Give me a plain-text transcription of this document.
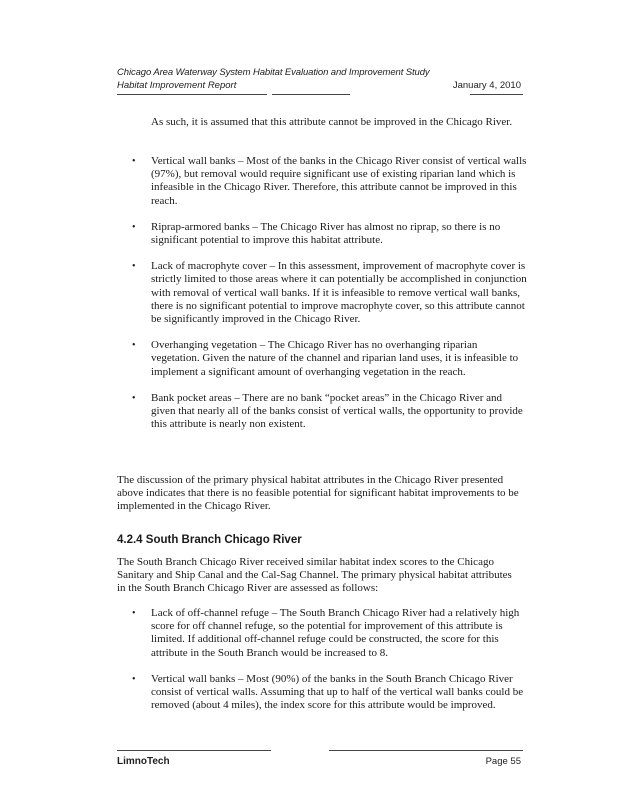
Chicago Area Waterway System Habitat Evaluation and Improvement Study
Habitat Improvement Report	January 4, 2010

As such, it is assumed that this attribute cannot be improved in the Chicago River.

• Vertical wall banks – Most of the banks in the Chicago River consist of vertical walls (97%), but removal would require significant use of existing riparian land which is infeasible in the Chicago River. Therefore, this attribute cannot be improved in this reach.
• Riprap-armored banks – The Chicago River has almost no riprap, so there is no significant potential to improve this habitat attribute.
• Lack of macrophyte cover – In this assessment, improvement of macrophyte cover is strictly limited to those areas where it can potentially be accomplished in conjunction with removal of vertical wall banks. If it is infeasible to remove vertical wall banks, there is no significant potential to improve macrophyte cover, so this attribute cannot be significantly improved in the Chicago River.
• Overhanging vegetation – The Chicago River has no overhanging riparian vegetation. Given the nature of the channel and riparian land uses, it is infeasible to implement a significant amount of overhanging vegetation in the reach.
• Bank pocket areas – There are no bank “pocket areas” in the Chicago River and given that nearly all of the banks consist of vertical walls, the opportunity to provide this attribute is nearly non existent.

The discussion of the primary physical habitat attributes in the Chicago River presented above indicates that there is no feasible potential for significant habitat improvements to be implemented in the Chicago River.

4.2.4 South Branch Chicago River

The South Branch Chicago River received similar habitat index scores to the Chicago Sanitary and Ship Canal and the Cal-Sag Channel. The primary physical habitat attributes in the South Branch Chicago River are assessed as follows:

• Lack of off-channel refuge – The South Branch Chicago River had a relatively high score for off channel refuge, so the potential for improvement of this attribute is limited. If additional off-channel refuge could be constructed, the score for this attribute in the South Branch would be increased to 8.
• Vertical wall banks – Most (90%) of the banks in the South Branch Chicago River consist of vertical walls. Assuming that up to half of the vertical wall banks could be removed (about 4 miles), the index score for this attribute would be improved.
LimnoTech	Page 55
